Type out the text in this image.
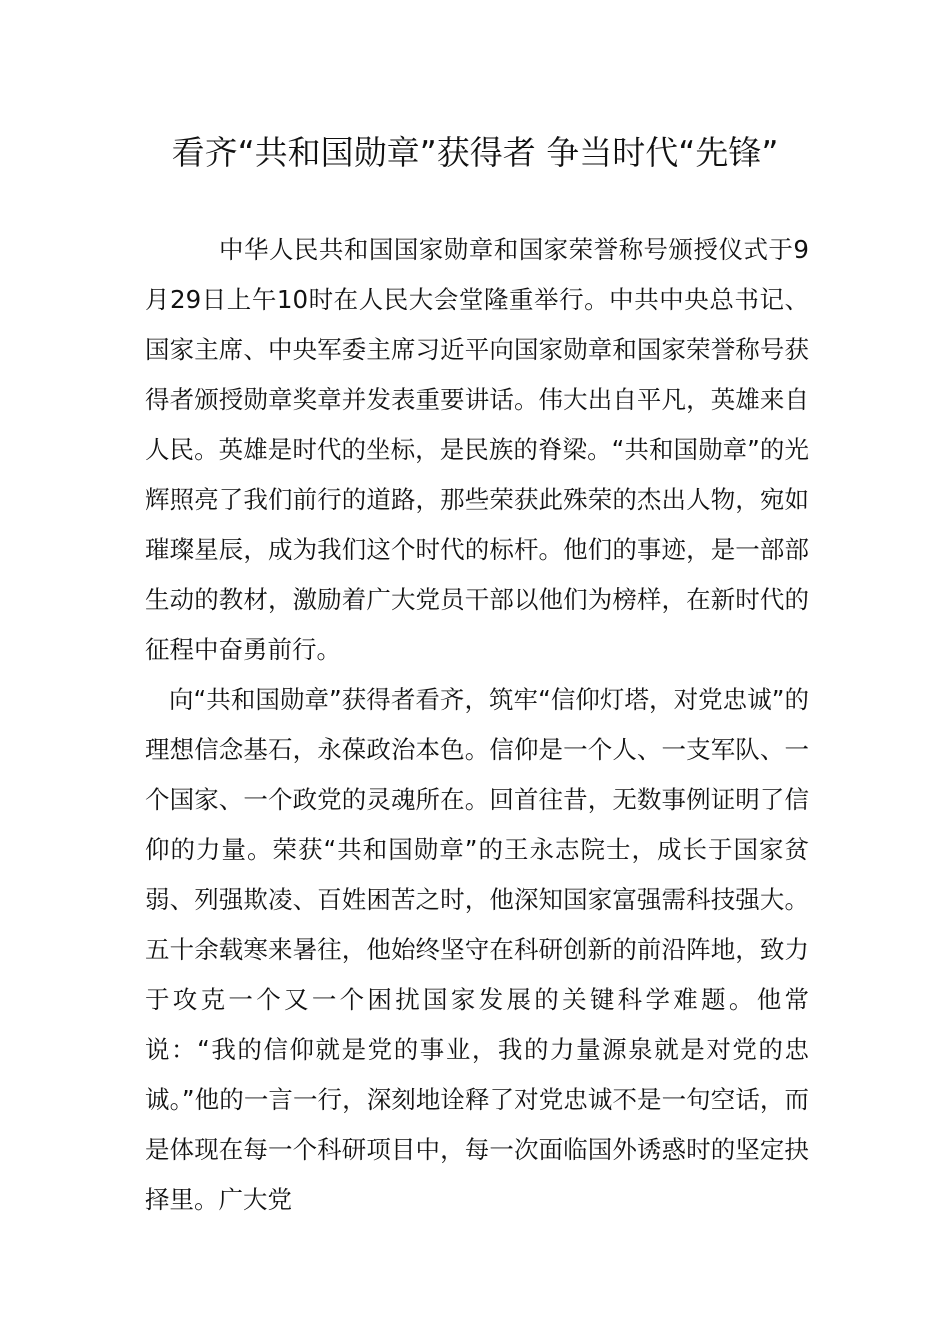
看齐“共和国勋章”获得者 争当时代“先锋”

中华人民共和国国家勋章和国家荣誉称号颁授仪式于9月29日上午10时在人民大会堂隆重举行。中共中央总书记、国家主席、中央军委主席习近平向国家勋章和国家荣誉称号获得者颁授勋章奖章并发表重要讲话。伟大出自平凡，英雄来自人民。英雄是时代的坐标，是民族的脊梁。“共和国勋章”的光辉照亮了我们前行的道路，那些荣获此殊荣的杰出人物，宛如璀璨星辰，成为我们这个时代的标杆。他们的事迹，是一部部生动的教材，激励着广大党员干部以他们为榜样，在新时代的征程中奋勇前行。

向“共和国勋章”获得者看齐，筑牢“信仰灯塔，对党忠诚”的理想信念基石，永葆政治本色。信仰是一个人、一支军队、一个国家、一个政党的灵魂所在。回首往昔，无数事例证明了信仰的力量。荣获“共和国勋章”的王永志院士，成长于国家贫弱、列强欺凌、百姓困苦之时，他深知国家富强需科技强大。五十余载寒来暑往，他始终坚守在科研创新的前沿阵地，致力于攻克一个又一个困扰国家发展的关键科学难题。他常说：“我的信仰就是党的事业，我的力量源泉就是对党的忠诚。”他的一言一行，深刻地诠释了对党忠诚不是一句空话，而是体现在每一个科研项目中，每一次面临国外诱惑时的坚定抉择里。广大党
